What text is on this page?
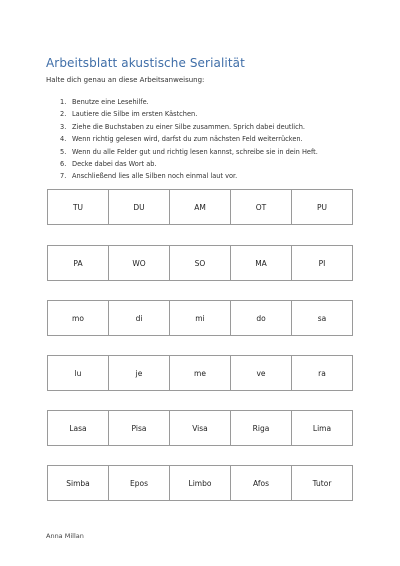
Arbeitsblatt akustische Serialität
Halte dich genau an diese Arbeitsanweisung:
1. Benutze eine Lesehilfe.
2. Lautiere die Silbe im ersten Kästchen.
3. Ziehe die Buchstaben zu einer Silbe zusammen. Sprich dabei deutlich.
4. Wenn richtig gelesen wird, darfst du zum nächsten Feld weiterrücken.
5. Wenn du alle Felder gut und richtig lesen kannst, schreibe sie in dein Heft.
6. Decke dabei das Wort ab.
7. Anschließend lies alle Silben noch einmal laut vor.
TU	DU	AM	OT	PU
PA	WO	SO	MA	PI
mo	di	mi	do	sa
lu	je	me	ve	ra
Lasa	Pisa	Visa	Riga	Lima
Simba	Epos	Limbo	Afos	Tutor
Anna Millan
